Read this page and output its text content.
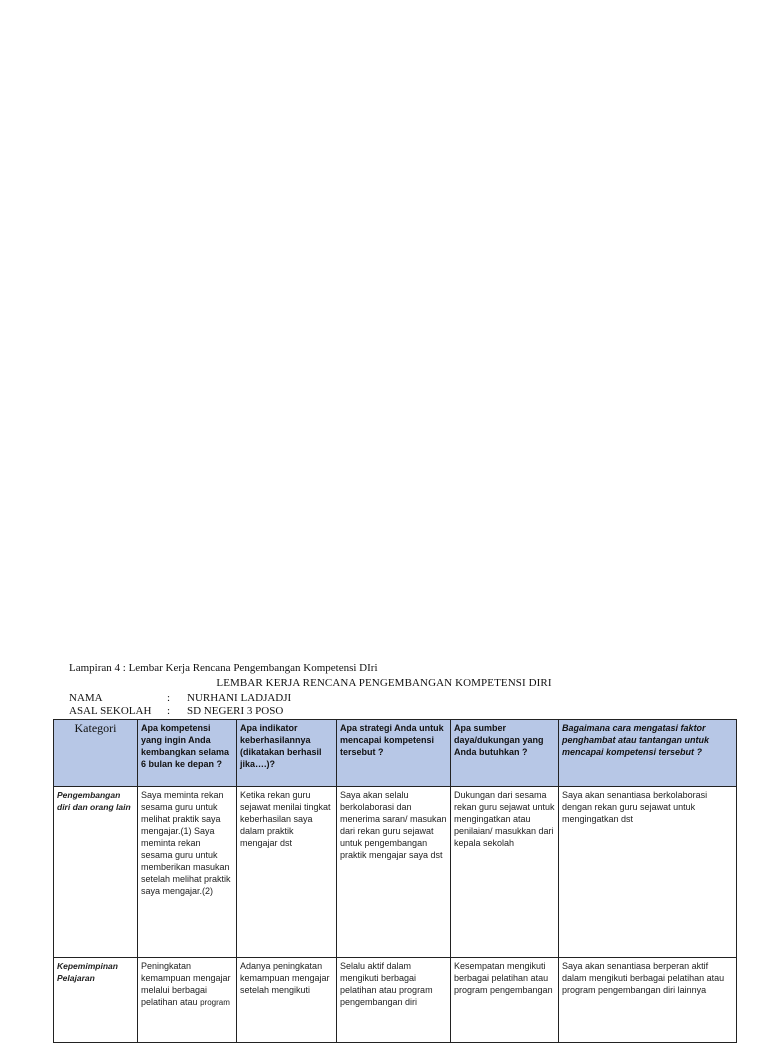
Lampiran 4 : Lembar Kerja Rencana Pengembangan Kompetensi DIri
LEMBAR KERJA RENCANA PENGEMBANGAN KOMPETENSI DIRI
NAMA	: NURHANI LADJADJI
ASAL SEKOLAH : SD NEGERI 3 POSO
Kategori	Apa kompetensi yang ingin Anda kembangkan selama 6 bulan ke depan ?	Apa indikator keberhasilannya (dikatakan berhasil jika….)?	Apa strategi Anda untuk mencapai kompetensi tersebut ?	Apa sumber daya/dukungan yang Anda butuhkan ?	Bagaimana cara mengatasi faktor penghambat atau tantangan untuk mencapai kompetensi tersebut ?
Pengembangan diri dan orang lain	Saya meminta rekan sesama guru untuk melihat praktik saya mengajar.(1) Saya meminta rekan sesama guru untuk memberikan masukan setelah melihat praktik saya mengajar.(2)	Ketika rekan guru sejawat menilai tingkat keberhasilan saya dalam praktik mengajar dst	Saya akan selalu berkolaborasi dan menerima saran/ masukan dari rekan guru sejawat untuk pengembangan praktik mengajar saya dst	Dukungan dari sesama rekan guru sejawat untuk mengingatkan atau penilaian/ masukkan dari kepala sekolah	Saya akan senantiasa berkolaborasi dengan rekan guru sejawat untuk mengingatkan dst
Kepemimpinan Pelajaran	Peningkatan kemampuan mengajar melalui berbagai pelatihan atau program	Adanya peningkatan kemampuan mengajar setelah mengikuti	Selalu aktif dalam mengikuti berbagai pelatihan atau program pengembangan diri	Kesempatan mengikuti berbagai pelatihan atau program pengembangan	Saya akan senantiasa berperan aktif dalam mengikuti berbagai pelatihan atau program pengembangan diri lainnya
